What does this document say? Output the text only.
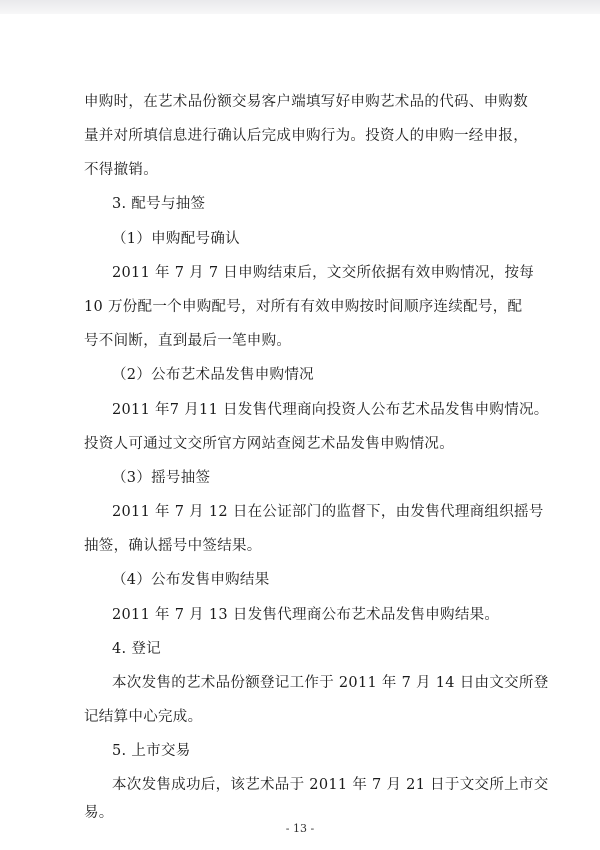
申购时，在艺术品份额交易客户端填写好申购艺术品的代码、申购数
量并对所填信息进行确认后完成申购行为。投资人的申购一经申报，
不得撤销。
3. 配号与抽签
（1）申购配号确认
2011 年 7 月 7 日申购结束后，文交所依据有效申购情况，按每
10 万份配一个申购配号，对所有有效申购按时间顺序连续配号，配
号不间断，直到最后一笔申购。
（2）公布艺术品发售申购情况
2011 年7 月11 日发售代理商向投资人公布艺术品发售申购情况。
投资人可通过文交所官方网站查阅艺术品发售申购情况。
（3）摇号抽签
2011 年 7 月 12 日在公证部门的监督下，由发售代理商组织摇号
抽签，确认摇号中签结果。
（4）公布发售申购结果
2011 年 7 月 13 日发售代理商公布艺术品发售申购结果。
4. 登记
本次发售的艺术品份额登记工作于 2011 年 7 月 14 日由文交所登
记结算中心完成。
5. 上市交易
本次发售成功后，该艺术品于 2011 年 7 月 21 日于文交所上市交
易。
- 13 -
